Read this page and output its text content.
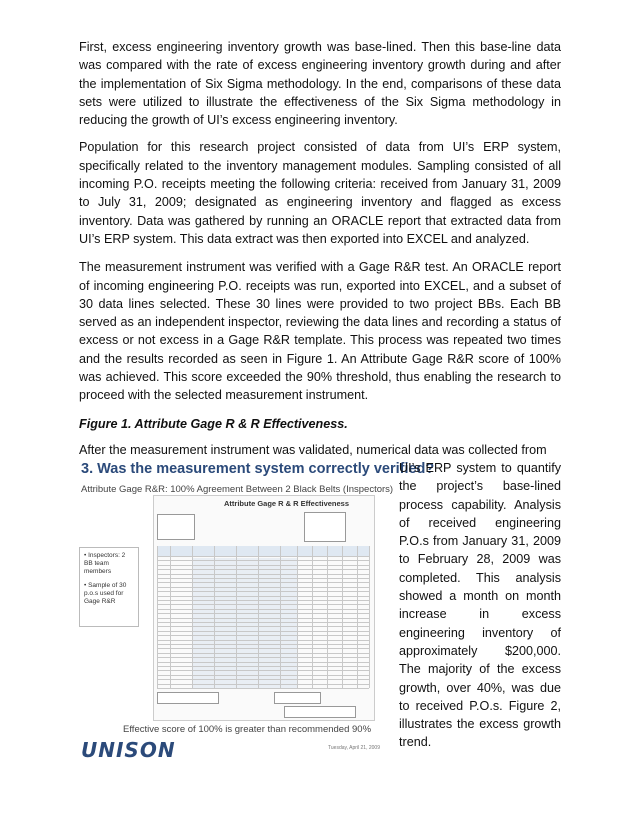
First, excess engineering inventory growth was base-lined. Then this base-line data was compared with the rate of excess engineering inventory growth during and after the implementation of Six Sigma methodology. In the end, comparisons of these data sets were utilized to illustrate the effectiveness of the Six Sigma methodology in reducing the growth of UI’s excess engineering inventory.

Population for this research project consisted of data from UI’s ERP system, specifically related to the inventory management modules. Sampling consisted of all incoming P.O. receipts meeting the following criteria: received from January 31, 2009 to July 31, 2009; designated as engineering inventory and flagged as excess inventory. Data was gathered by running an ORACLE report that extracted data from UI’s ERP system. This data extract was then exported into EXCEL and analyzed.

The measurement instrument was verified with a Gage R&R test. An ORACLE report of incoming engineering P.O. receipts was run, exported into EXCEL, and a subset of 30 data lines selected. These 30 lines were provided to two project BBs. Each BB served as an independent inspector, reviewing the data lines and recording a status of excess or not excess in a Gage R&R template. This process was repeated two times and the results recorded as seen in Figure 1. An Attribute Gage R&R score of 100% was achieved. This score exceeded the 90% threshold, thus enabling the research to proceed with the selected measurement instrument.

Figure 1. Attribute Gage R & R Effectiveness.

After the measurement instrument was validated, numerical data was collected from

3. Was the measurement system correctly verified?
Attribute Gage R&R: 100% Agreement Between 2 Black Belts (Inspectors)
Attribute Gage R & R Effectiveness
• Inspectors: 2 BB team members
• Sample of 30 p.o.s used for Gage R&R
Effective score of 100% is greater than recommended 90%
UNISON	Tuesday, April 21, 2009

UI’s ERP system to quantify the project’s base-lined process capability. Analysis of received engineering P.O.s from January 31, 2009 to February 28, 2009 was completed. This analysis showed a month on month increase in excess engineering inventory of approximately $200,000. The majority of the excess growth, over 40%, was due to received P.O.s. Figure 2, illustrates the excess growth trend.
